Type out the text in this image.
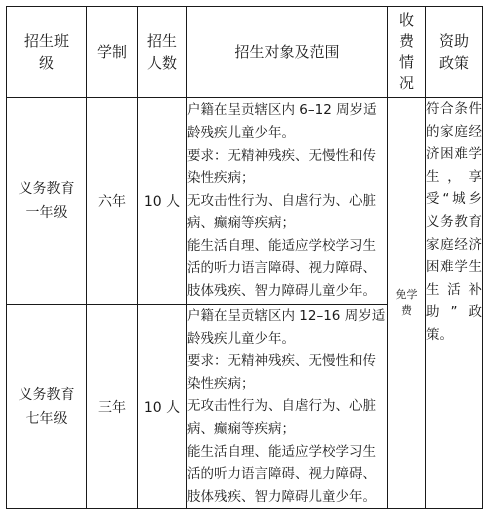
招生班级	学制	招生人数	招生对象及范围	收费情况	资助政策

义务教育一年级	六年	10 人	户籍在呈贡辖区内 6–12 周岁适龄残疾儿童少年。

要求：无精神残疾、无慢性和传染性疾病；

无攻击性行为、自虐行为、心脏病、癫痫等疾病；

能生活自理、能适应学校学习生活的听力语言障碍、视力障碍、肢体残疾、智力障碍儿童少年。	免学费	符合条件的家庭经济困难学生，享受“城乡义务教育家庭经济困难学生生活补助”政策。

义务教育七年级	三年	10 人	户籍在呈贡辖区内 12–16 周岁适龄残疾儿童少年。

要求：无精神残疾、无慢性和传染性疾病；

无攻击性行为、自虐行为、心脏病、癫痫等疾病；

能生活自理、能适应学校学习生活的听力语言障碍、视力障碍、肢体残疾、智力障碍儿童少年。		
